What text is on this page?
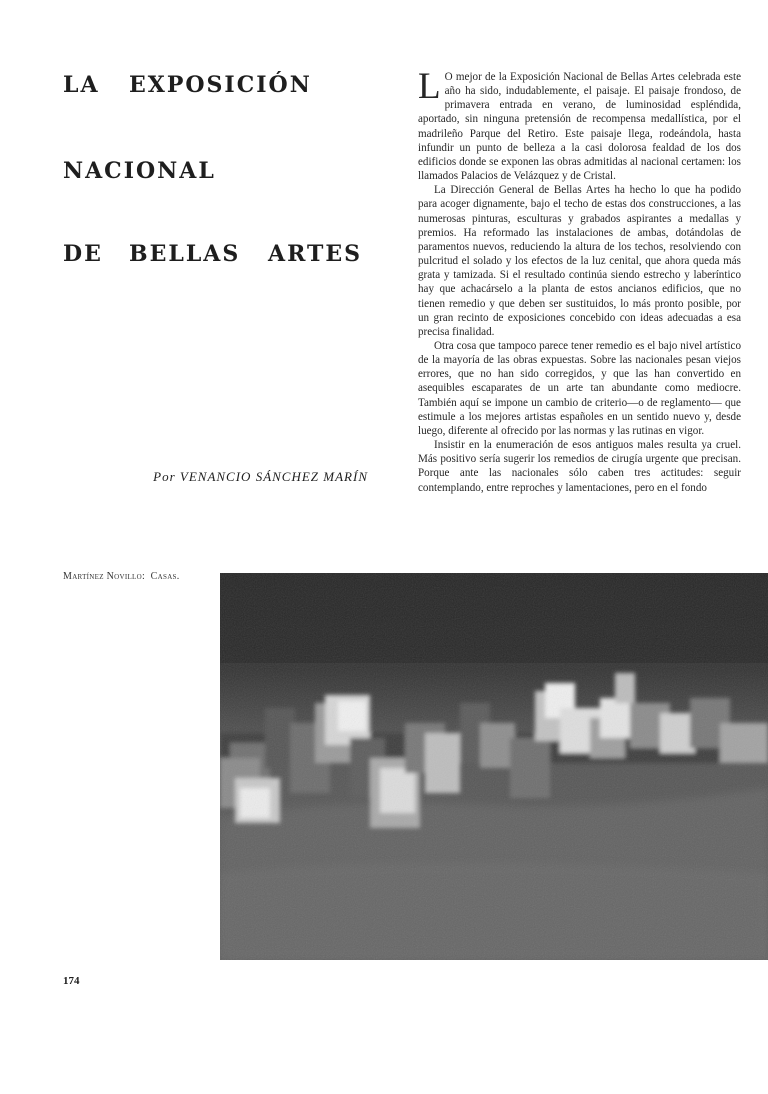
LA EXPOSICIÓN
NACIONAL
DE BELLAS ARTES
Por VENANCIO SÁNCHEZ MARÍN

L O mejor de la Exposición Nacional de Bellas Artes celebrada este año ha sido, indudablemente, el paisaje. El paisaje frondoso, de primavera entrada en verano, de luminosidad espléndida, aportado, sin ninguna pretensión de recompensa medallística, por el madrileño Parque del Retiro. Este paisaje llega, rodeándola, hasta infundir un punto de belleza a la casi dolorosa fealdad de los dos edificios donde se exponen las obras admitidas al nacional certamen: los llamados Palacios de Velázquez y de Cristal.

La Dirección General de Bellas Artes ha hecho lo que ha podido para acoger dignamente, bajo el techo de estas dos construcciones, a las numerosas pinturas, esculturas y grabados aspirantes a medallas y premios. Ha reformado las instalaciones de ambas, dotándolas de paramentos nuevos, reduciendo la altura de los techos, resolviendo con pulcritud el solado y los efectos de la luz cenital, que ahora queda más grata y tamizada. Si el resultado continúa siendo estrecho y laberíntico hay que achacárselo a la planta de estos ancianos edificios, que no tienen remedio y que deben ser sustituidos, lo más pronto posible, por un gran recinto de exposiciones concebido con ideas adecuadas a esa precisa finalidad.

Otra cosa que tampoco parece tener remedio es el bajo nivel artístico de la mayoría de las obras expuestas. Sobre las nacionales pesan viejos errores, que no han sido corregidos, y que las han convertido en asequibles escaparates de un arte tan abundante como mediocre. También aquí se impone un cambio de criterio—o de reglamento— que estimule a los mejores artistas españoles en un sentido nuevo y, desde luego, diferente al ofrecido por las normas y las rutinas en vigor.

Insistir en la enumeración de esos antiguos males resulta ya cruel. Más positivo sería sugerir los remedios de cirugía urgente que precisan. Porque ante las nacionales sólo caben tres actitudes: seguir contemplando, entre reproches y lamentaciones, pero en el fondo

Martínez Novillo: Casas.
174
